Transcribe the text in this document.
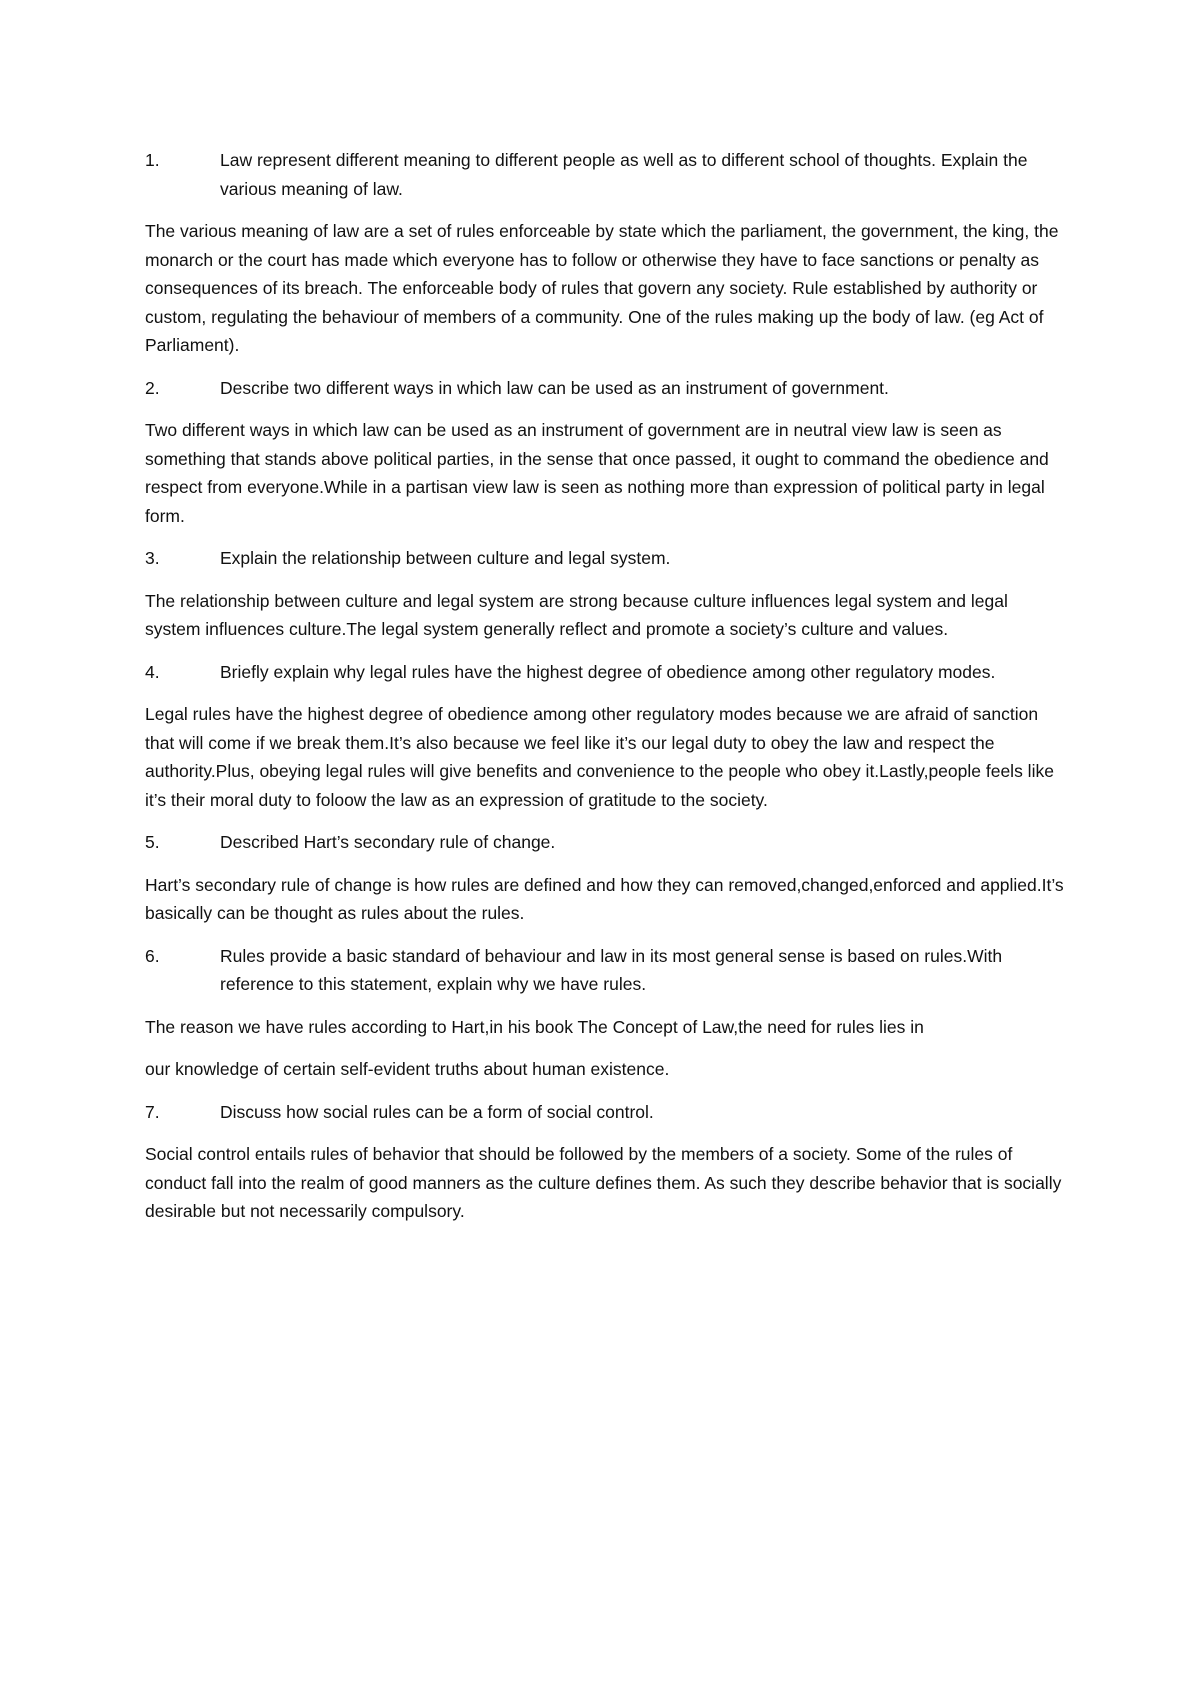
1.	Law represent different meaning to different people as well as to different school of thoughts. Explain the various meaning of law.

The various meaning of law are a set of rules enforceable by state which the parliament, the government, the king, the monarch or the court has made which everyone has to follow or otherwise they have to face sanctions or penalty as consequences of its breach. The enforceable body of rules that govern any society. Rule established by authority or custom, regulating the behaviour of members of a community. One of the rules making up the body of law. (eg Act of Parliament).

2.	Describe two different ways in which law can be used as an instrument of government.

Two different ways in which law can be used as an instrument of government are in neutral view law is seen as something that stands above political parties, in the sense that once passed, it ought to command the obedience and respect from everyone.While in a partisan view law is seen as nothing more than expression of political party in legal form.

3.	Explain the relationship between culture and legal system.

The relationship between culture and legal system are strong because culture influences legal system and legal system influences culture.The legal system generally reflect and promote a society’s culture and values.

4.	Briefly explain why legal rules have the highest degree of obedience among other regulatory modes.

Legal rules have the highest degree of obedience among other regulatory modes because we are afraid of sanction that will come if we break them.It’s also because we feel like it’s our legal duty to obey the law and respect the authority.Plus, obeying legal rules will give benefits and convenience to the people who obey it.Lastly,people feels like it’s their moral duty to foloow the law as an expression of gratitude to the society.

5.	Described Hart’s secondary rule of change.

Hart’s secondary rule of change is how rules are defined and how they can removed,changed,enforced and applied.It’s basically can be thought as rules about the rules.

6.	Rules provide a basic standard of behaviour and law in its most general sense is based on rules.With reference to this statement, explain why we have rules.

The reason we have rules according to Hart,in his book The Concept of Law,the need for rules lies in
our knowledge of certain self-evident truths about human existence.

7.	Discuss how social rules can be a form of social control.

Social control entails rules of behavior that should be followed by the members of a society. Some of the rules of conduct fall into the realm of good manners as the culture defines them. As such they describe behavior that is socially desirable but not necessarily compulsory.
